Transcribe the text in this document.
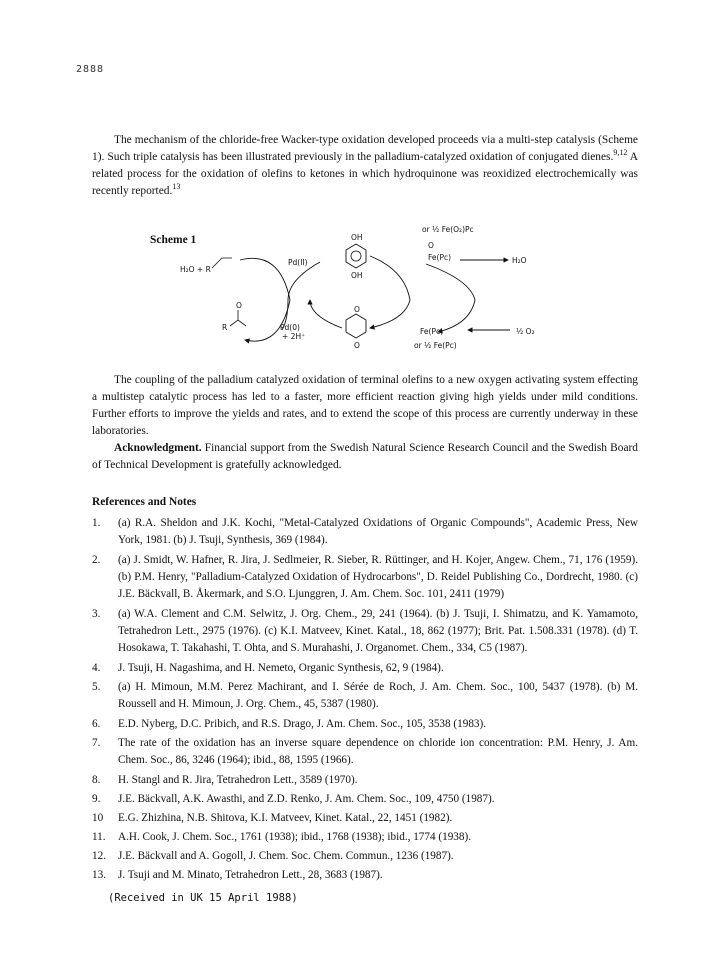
2888
The mechanism of the chloride-free Wacker-type oxidation developed proceeds via a multi-step catalysis (Scheme 1). Such triple catalysis has been illustrated previously in the palladium-catalyzed oxidation of conjugated dienes.$^{9,12}$ A related process for the oxidation of olefins to ketones in which hydroquinone was reoxidized electrochemically was recently reported.$^{13}$
Scheme 1
H₂O + R
Pd(II)
Pd(0)
+ 2H⁺
R
O
OH
OH
O
O
or ½ Fe(O₂)Pc
O
Fe(Pc)	H₂O
Fe(Pc)
or ½ Fe(Pc)
½ O₂
The coupling of the palladium catalyzed oxidation of terminal olefins to a new oxygen activating system effecting a multistep catalytic process has led to a faster, more efficient reaction giving high yields under mild conditions. Further efforts to improve the yields and rates, and to extend the scope of this process are currently underway in these laboratories.
Acknowledgment. Financial support from the Swedish Natural Science Research Council and the Swedish Board of Technical Development is gratefully acknowledged.
References and Notes
1. (a) R.A. Sheldon and J.K. Kochi, "Metal-Catalyzed Oxidations of Organic Compounds", Academic Press, New York, 1981. (b) J. Tsuji, Synthesis, 369 (1984).
2. (a) J. Smidt, W. Hafner, R. Jira, J. Sedlmeier, R. Sieber, R. Rüttinger, and H. Kojer, Angew. Chem., 71, 176 (1959). (b) P.M. Henry, "Palladium-Catalyzed Oxidation of Hydrocarbons", D. Reidel Publishing Co., Dordrecht, 1980. (c) J.E. Bäckvall, B. Åkermark, and S.O. Ljunggren, J. Am. Chem. Soc. 101, 2411 (1979)
3. (a) W.A. Clement and C.M. Selwitz, J. Org. Chem., 29, 241 (1964). (b) J. Tsuji, I. Shimatzu, and K. Yamamoto, Tetrahedron Lett., 2975 (1976). (c) K.I. Matveev, Kinet. Katal., 18, 862 (1977); Brit. Pat. 1.508.331 (1978). (d) T. Hosokawa, T. Takahashi, T. Ohta, and S. Murahashi, J. Organomet. Chem., 334, C5 (1987).
4. J. Tsuji, H. Nagashima, and H. Nemeto, Organic Synthesis, 62, 9 (1984).
5. (a) H. Mimoun, M.M. Perez Machirant, and I. Sérée de Roch, J. Am. Chem. Soc., 100, 5437 (1978). (b) M. Roussell and H. Mimoun, J. Org. Chem., 45, 5387 (1980).
6. E.D. Nyberg, D.C. Pribich, and R.S. Drago, J. Am. Chem. Soc., 105, 3538 (1983).
7. The rate of the oxidation has an inverse square dependence on chloride ion concentration: P.M. Henry, J. Am. Chem. Soc., 86, 3246 (1964); ibid., 88, 1595 (1966).
8. H. Stangl and R. Jira, Tetrahedron Lett., 3589 (1970).
9. J.E. Bäckvall, A.K. Awasthi, and Z.D. Renko, J. Am. Chem. Soc., 109, 4750 (1987).
10 E.G. Zhizhina, N.B. Shitova, K.I. Matveev, Kinet. Katal., 22, 1451 (1982).
11. A.H. Cook, J. Chem. Soc., 1761 (1938); ibid., 1768 (1938); ibid., 1774 (1938).
12. J.E. Bäckvall and A. Gogoll, J. Chem. Soc. Chem. Commun., 1236 (1987).
13. J. Tsuji and M. Minato, Tetrahedron Lett., 28, 3683 (1987).
(Received in UK 15 April 1988)
